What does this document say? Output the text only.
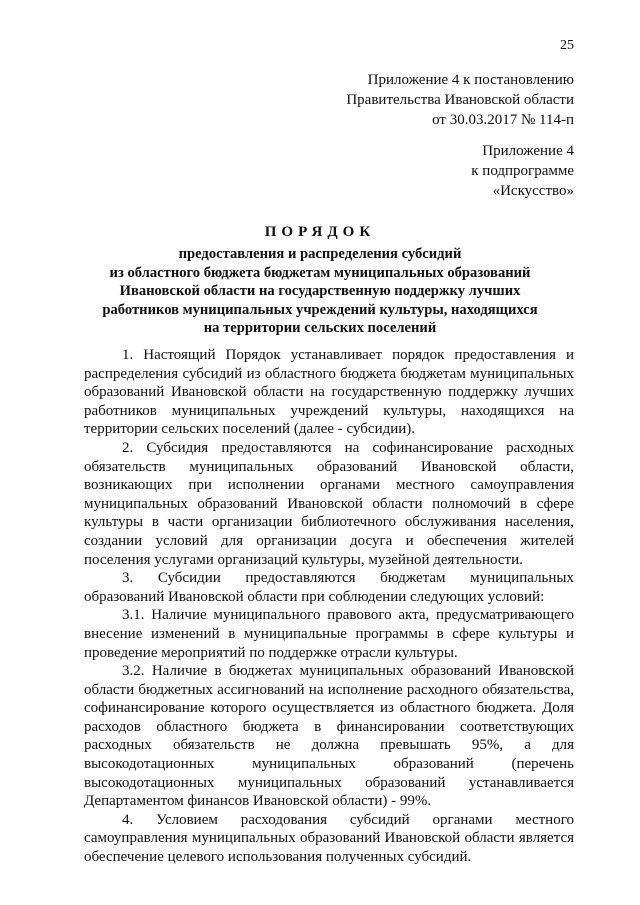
25
Приложение 4 к постановлению
Правительства Ивановской области
от 30.03.2017 № 114-п
Приложение 4
к подпрограмме
«Искусство»
ПОРЯДОК
предоставления и распределения субсидий
из областного бюджета бюджетам муниципальных образований
Ивановской области на государственную поддержку лучших
работников муниципальных учреждений культуры, находящихся
на территории сельских поселений

1. Настоящий Порядок устанавливает порядок предоставления и распределения субсидий из областного бюджета бюджетам муниципальных образований Ивановской области на государственную поддержку лучших работников муниципальных учреждений культуры, находящихся на территории сельских поселений (далее - субсидии).

2. Субсидия предоставляются на софинансирование расходных обязательств муниципальных образований Ивановской области, возникающих при исполнении органами местного самоуправления муниципальных образований Ивановской области полномочий в сфере культуры в части организации библиотечного обслуживания населения, создании условий для организации досуга и обеспечения жителей поселения услугами организаций культуры, музейной деятельности.

3. Субсидии предоставляются бюджетам муниципальных образований Ивановской области при соблюдении следующих условий:

3.1. Наличие муниципального правового акта, предусматривающего внесение изменений в муниципальные программы в сфере культуры и проведение мероприятий по поддержке отрасли культуры.

3.2. Наличие в бюджетах муниципальных образований Ивановской области бюджетных ассигнований на исполнение расходного обязательства, софинансирование которого осуществляется из областного бюджета. Доля расходов областного бюджета в финансировании соответствующих расходных обязательств не должна превышать 95%, а для высокодотационных муниципальных образований (перечень высокодотационных муниципальных образований устанавливается Департаментом финансов Ивановской области) - 99%.

4. Условием расходования субсидий органами местного самоуправления муниципальных образований Ивановской области является обеспечение целевого использования полученных субсидий.
